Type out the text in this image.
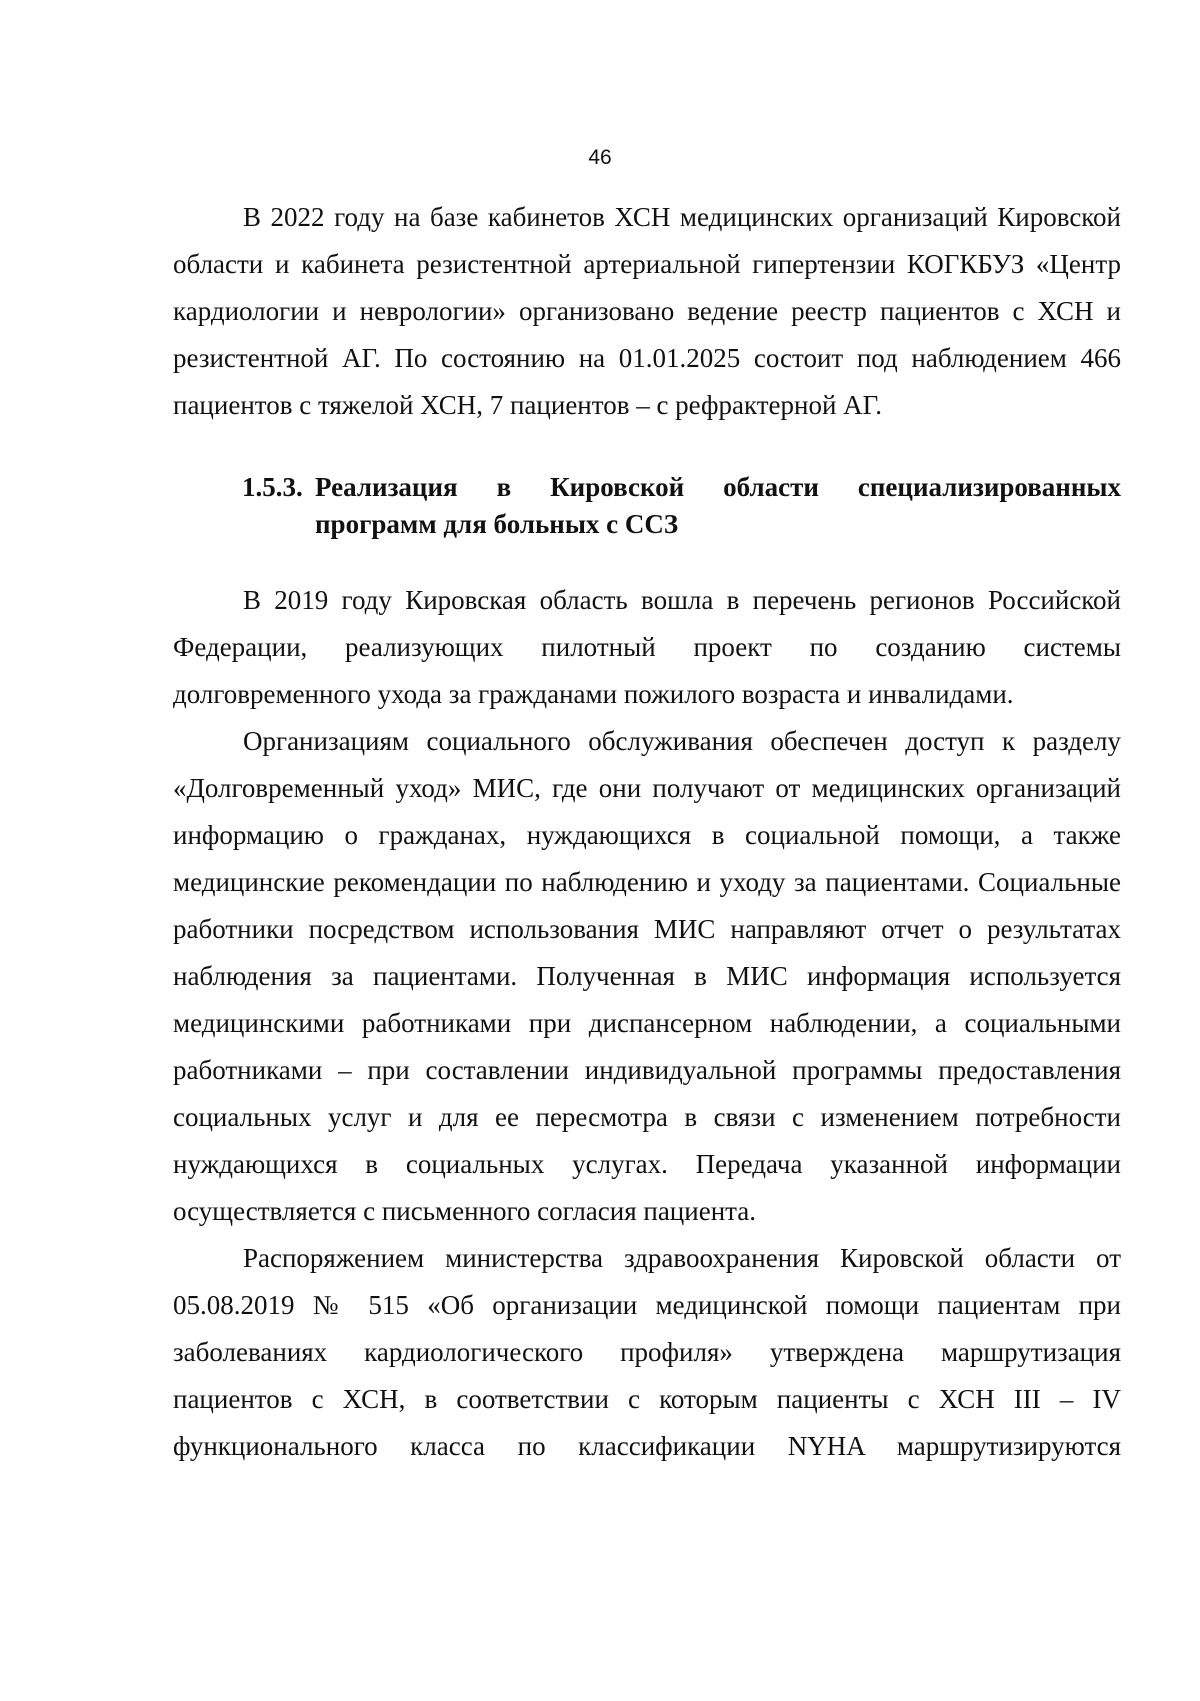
46

В 2022 году на базе кабинетов ХСН медицинских организаций Кировской области и кабинета резистентной артериальной гипертензии КОГКБУЗ «Центр кардиологии и неврологии» организовано ведение реестр пациентов с ХСН и резистентной АГ. По состоянию на 01.01.2025 состоит под наблюдением 466 пациентов с тяжелой ХСН, 7 пациентов – с рефрактерной АГ.

1.5.3. Реализация в Кировской области специализированных
программ для больных с ССЗ

В 2019 году Кировская область вошла в перечень регионов Российской Федерации, реализующих пилотный проект по созданию системы долговременного ухода за гражданами пожилого возраста и инвалидами.

Организациям социального обслуживания обеспечен доступ к разделу «Долговременный уход» МИС, где они получают от медицинских организаций информацию о гражданах, нуждающихся в социальной помощи, а также медицинские рекомендации по наблюдению и уходу за пациентами. Социальные работники посредством использования МИС направляют отчет о результатах наблюдения за пациентами. Полученная в МИС информация используется медицинскими работниками при диспансерном наблюдении, а социальными работниками – при составлении индивидуальной программы предоставления социальных услуг и для ее пересмотра в связи с изменением потребности нуждающихся в социальных услугах. Передача указанной информации осуществляется с письменного согласия пациента.

Распоряжением министерства здравоохранения Кировской области от 05.08.2019 № 515 «Об организации медицинской помощи пациентам при заболеваниях кардиологического профиля» утверждена маршрутизация пациентов с ХСН, в соответствии с которым пациенты с ХСН III – IV функционального класса по классификации NYHA маршрутизируются
